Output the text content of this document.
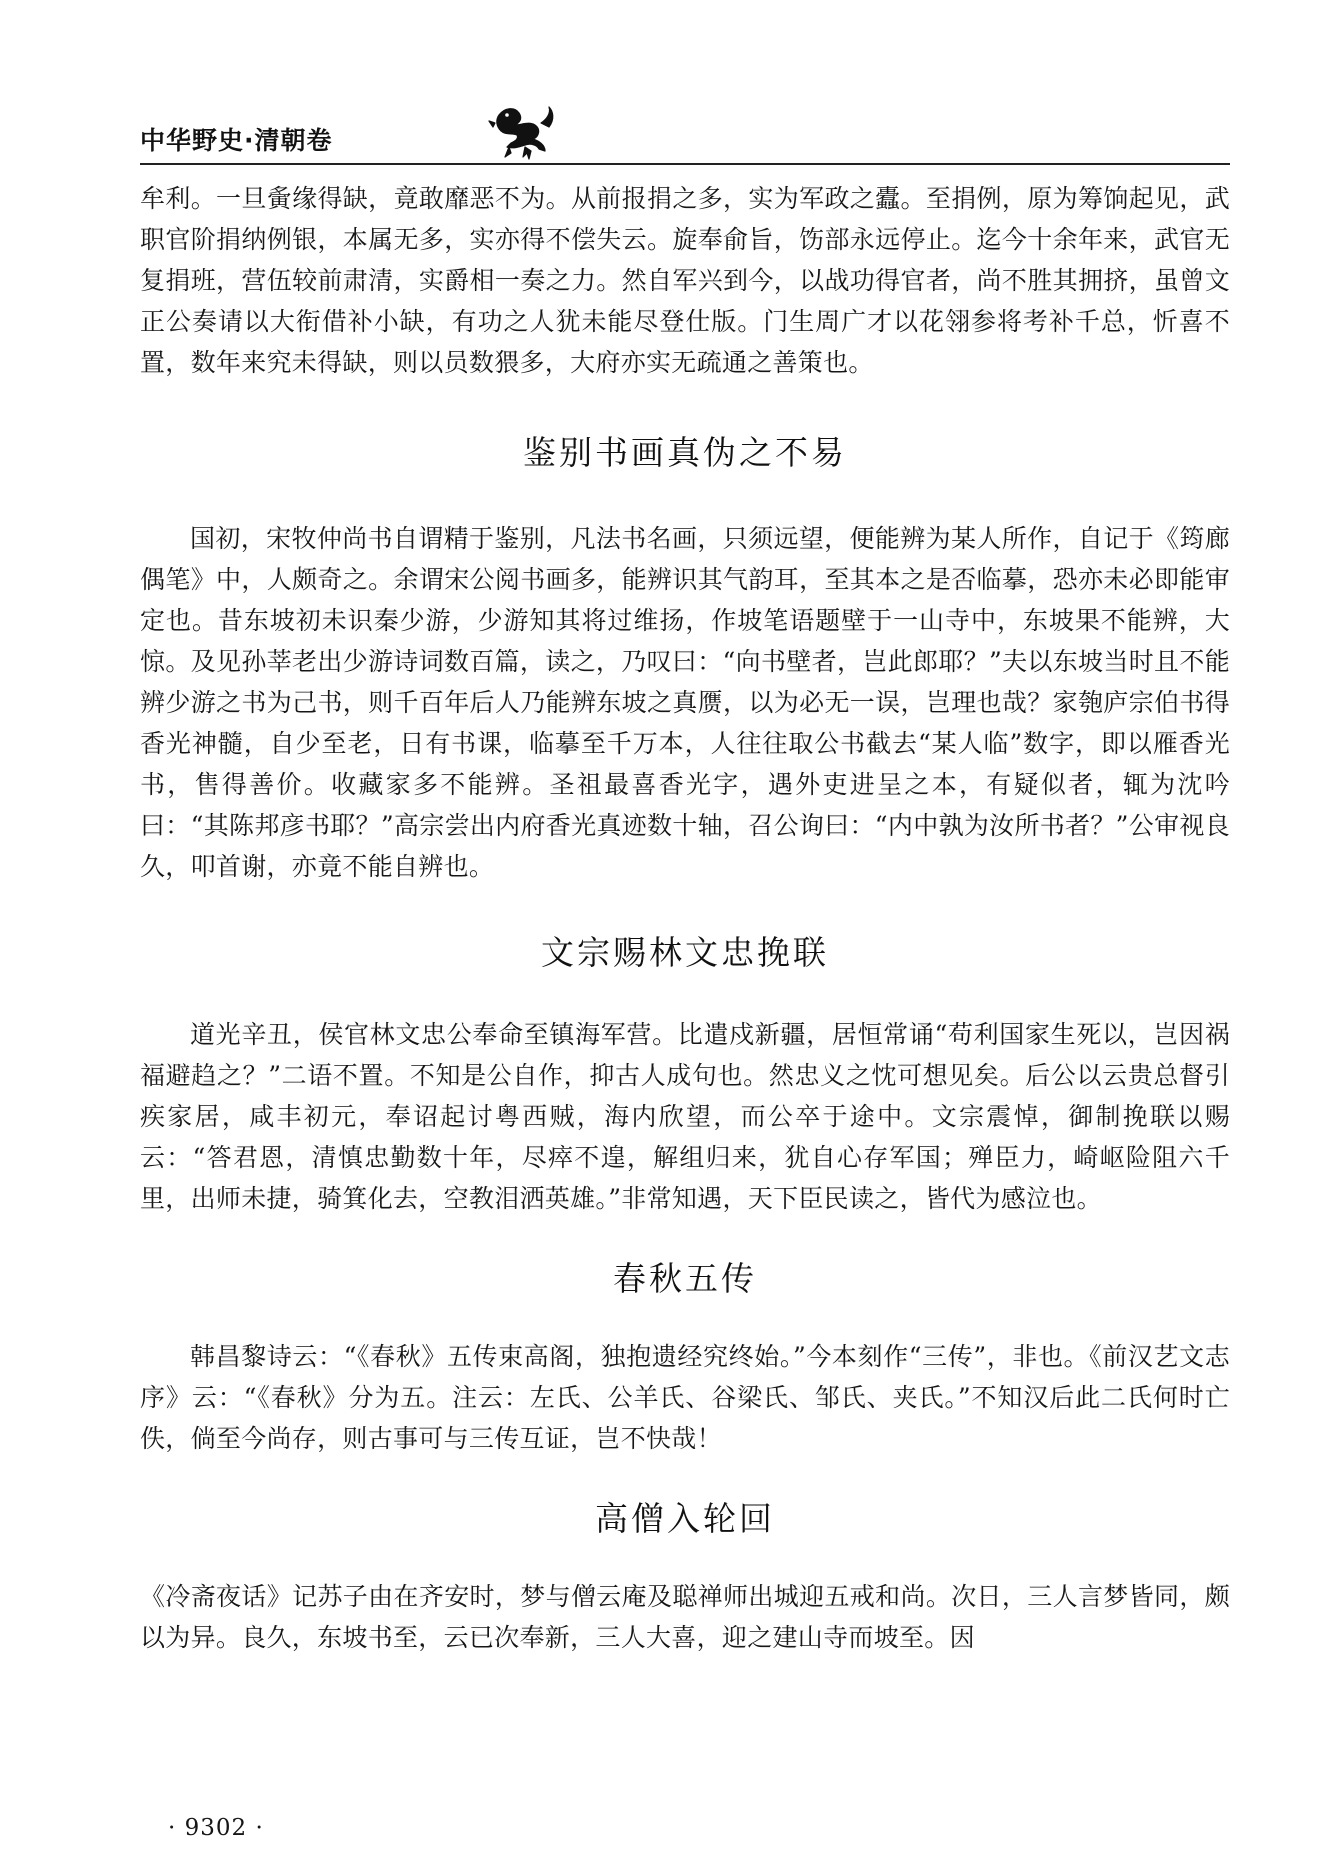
中华野史·清朝卷

牟利。一旦夤缘得缺，竟敢靡恶不为。从前报捐之多，实为军政之蠹。至捐例，原为筹饷起见，武职官阶捐纳例银，本属无多，实亦得不偿失云。旋奉俞旨，饬部永远停止。迄今十余年来，武官无复捐班，营伍较前肃清，实爵相一奏之力。然自军兴到今，以战功得官者，尚不胜其拥挤，虽曾文正公奏请以大衔借补小缺，有功之人犹未能尽登仕版。门生周广才以花翎参将考补千总，忻喜不置，数年来究未得缺，则以员数猥多，大府亦实无疏通之善策也。

鉴别书画真伪之不易

国初，宋牧仲尚书自谓精于鉴别，凡法书名画，只须远望，便能辨为某人所作，自记于《筠廊偶笔》中，人颇奇之。余谓宋公阅书画多，能辨识其气韵耳，至其本之是否临摹，恐亦未必即能审定也。昔东坡初未识秦少游，少游知其将过维扬，作坡笔语题壁于一山寺中，东坡果不能辨，大惊。及见孙莘老出少游诗词数百篇，读之，乃叹曰：“向书壁者，岂此郎耶？”夫以东坡当时且不能辨少游之书为己书，则千百年后人乃能辨东坡之真赝，以为必无一误，岂理也哉？家匏庐宗伯书得香光神髓，自少至老，日有书课，临摹至千万本，人往往取公书截去“某人临”数字，即以雁香光书，售得善价。收藏家多不能辨。圣祖最喜香光字，遇外吏进呈之本，有疑似者，辄为沈吟曰：“其陈邦彦书耶？”高宗尝出内府香光真迹数十轴，召公询曰：“内中孰为汝所书者？”公审视良久，叩首谢，亦竟不能自辨也。

文宗赐林文忠挽联

道光辛丑，侯官林文忠公奉命至镇海军营。比遣戍新疆，居恒常诵“苟利国家生死以，岂因祸福避趋之？”二语不置。不知是公自作，抑古人成句也。然忠义之忱可想见矣。后公以云贵总督引疾家居，咸丰初元，奉诏起讨粤西贼，海内欣望，而公卒于途中。文宗震悼，御制挽联以赐云：“答君恩，清慎忠勤数十年，尽瘁不遑，解组归来，犹自心存军国；殚臣力，崎岖险阻六千里，出师未捷，骑箕化去，空教泪洒英雄。”非常知遇，天下臣民读之，皆代为感泣也。

春秋五传

韩昌黎诗云：“《春秋》五传束高阁，独抱遗经究终始。”今本刻作“三传”，非也。《前汉艺文志序》云：“《春秋》分为五。注云：左氏、公羊氏、谷梁氏、邹氏、夹氏。”不知汉后此二氏何时亡佚，倘至今尚存，则古事可与三传互证，岂不快哉！

高僧入轮回

《冷斋夜话》记苏子由在齐安时，梦与僧云庵及聪禅师出城迎五戒和尚。次日，三人言梦皆同，颇以为异。良久，东坡书至，云已次奉新，三人大喜，迎之建山寺而坡至。因

· 9302 ·
